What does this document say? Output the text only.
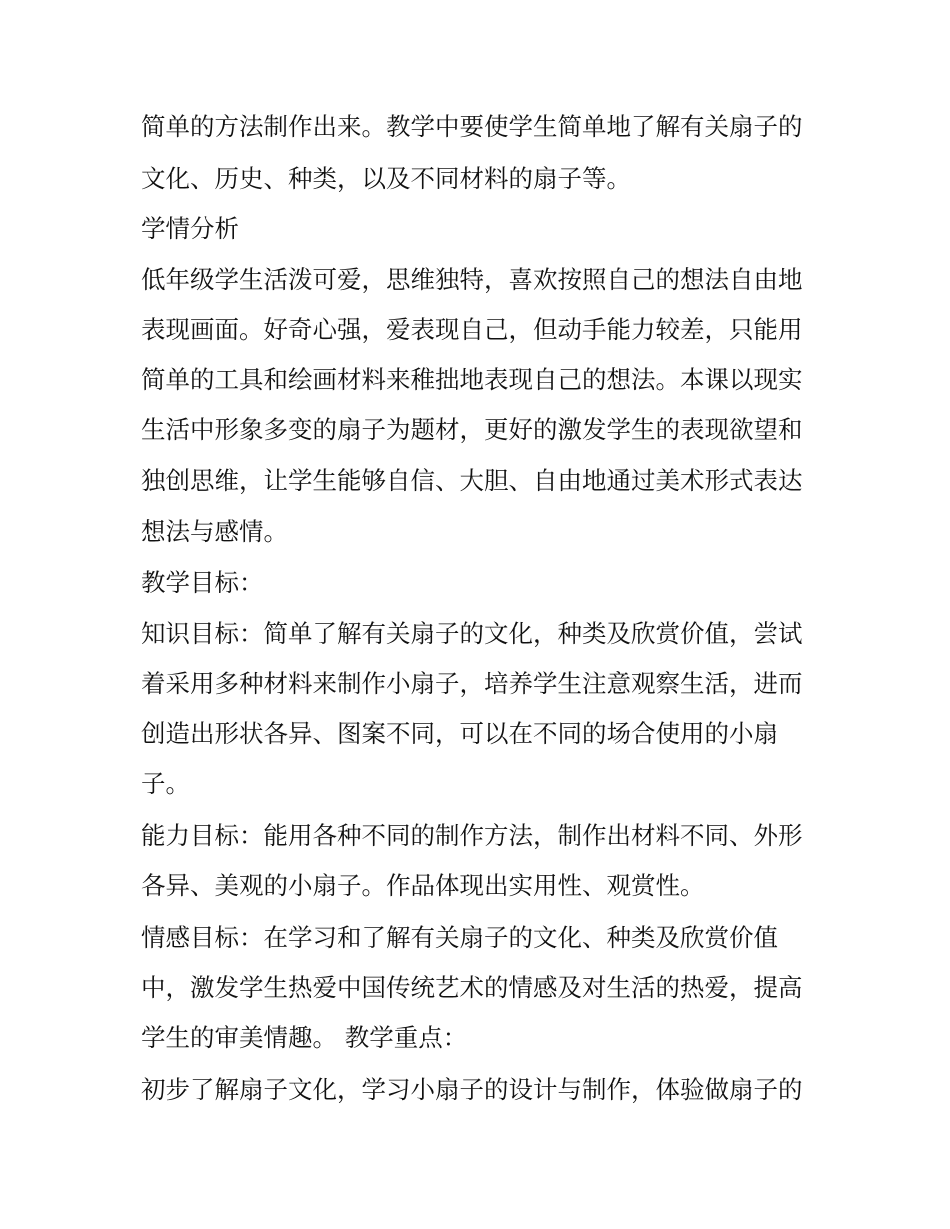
简单的方法制作出来。教学中要使学生简单地了解有关扇子的
文化、历史、种类，以及不同材料的扇子等。
学情分析
低年级学生活泼可爱，思维独特，喜欢按照自己的想法自由地
表现画面。好奇心强，爱表现自己，但动手能力较差，只能用
简单的工具和绘画材料来稚拙地表现自己的想法。本课以现实
生活中形象多变的扇子为题材，更好的激发学生的表现欲望和
独创思维，让学生能够自信、大胆、自由地通过美术形式表达
想法与感情。
教学目标：
知识目标：简单了解有关扇子的文化，种类及欣赏价值，尝试
着采用多种材料来制作小扇子，培养学生注意观察生活，进而
创造出形状各异、图案不同，可以在不同的场合使用的小扇
子。
能力目标：能用各种不同的制作方法，制作出材料不同、外形
各异、美观的小扇子。作品体现出实用性、观赏性。
情感目标：在学习和了解有关扇子的文化、种类及欣赏价值
中，激发学生热爱中国传统艺术的情感及对生活的热爱，提高
学生的审美情趣。 教学重点：
初步了解扇子文化，学习小扇子的设计与制作，体验做扇子的
